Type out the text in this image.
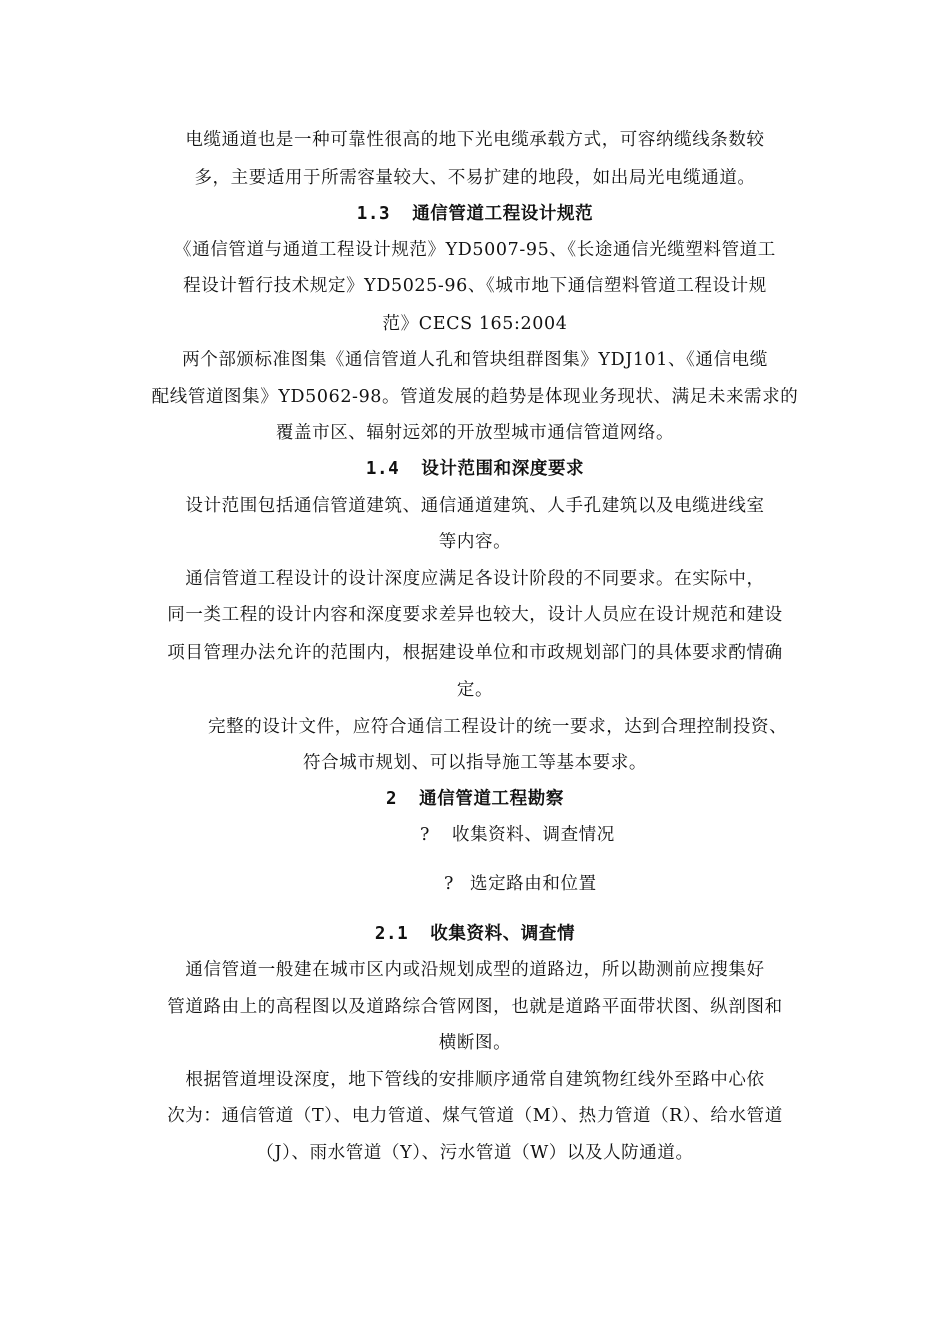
电缆通道也是一种可靠性很高的地下光电缆承载方式，可容纳缆线条数较
多，主要适用于所需容量较大、不易扩建的地段，如出局光电缆通道。
1.3 通信管道工程设计规范
《通信管道与通道工程设计规范》YD5007-95、《长途通信光缆塑料管道工
程设计暂行技术规定》YD5025-96、《城市地下通信塑料管道工程设计规
范》CECS 165:2004
两个部颁标准图集《通信管道人孔和管块组群图集》YDJ101、《通信电缆
配线管道图集》YD5062-98。管道发展的趋势是体现业务现状、满足未来需求的
覆盖市区、辐射远郊的开放型城市通信管道网络。
1.4 设计范围和深度要求
设计范围包括通信管道建筑、通信通道建筑、人手孔建筑以及电缆进线室
等内容。
通信管道工程设计的设计深度应满足各设计阶段的不同要求。在实际中，
同一类工程的设计内容和深度要求差异也较大，设计人员应在设计规范和建设
项目管理办法允许的范围内，根据建设单位和市政规划部门的具体要求酌情确
定。
完整的设计文件，应符合通信工程设计的统一要求，达到合理控制投资、
符合城市规划、可以指导施工等基本要求。
2 通信管道工程勘察
? 收集资料、调查情况
? 选定路由和位置
2.1 收集资料、调查情
通信管道一般建在城市区内或沿规划成型的道路边，所以勘测前应搜集好
管道路由上的高程图以及道路综合管网图，也就是道路平面带状图、纵剖图和
横断图。
根据管道埋设深度，地下管线的安排顺序通常自建筑物红线外至路中心依
次为：通信管道（T）、电力管道、煤气管道（M）、热力管道（R）、给水管道
（J）、雨水管道（Y）、污水管道（W）以及人防通道。
